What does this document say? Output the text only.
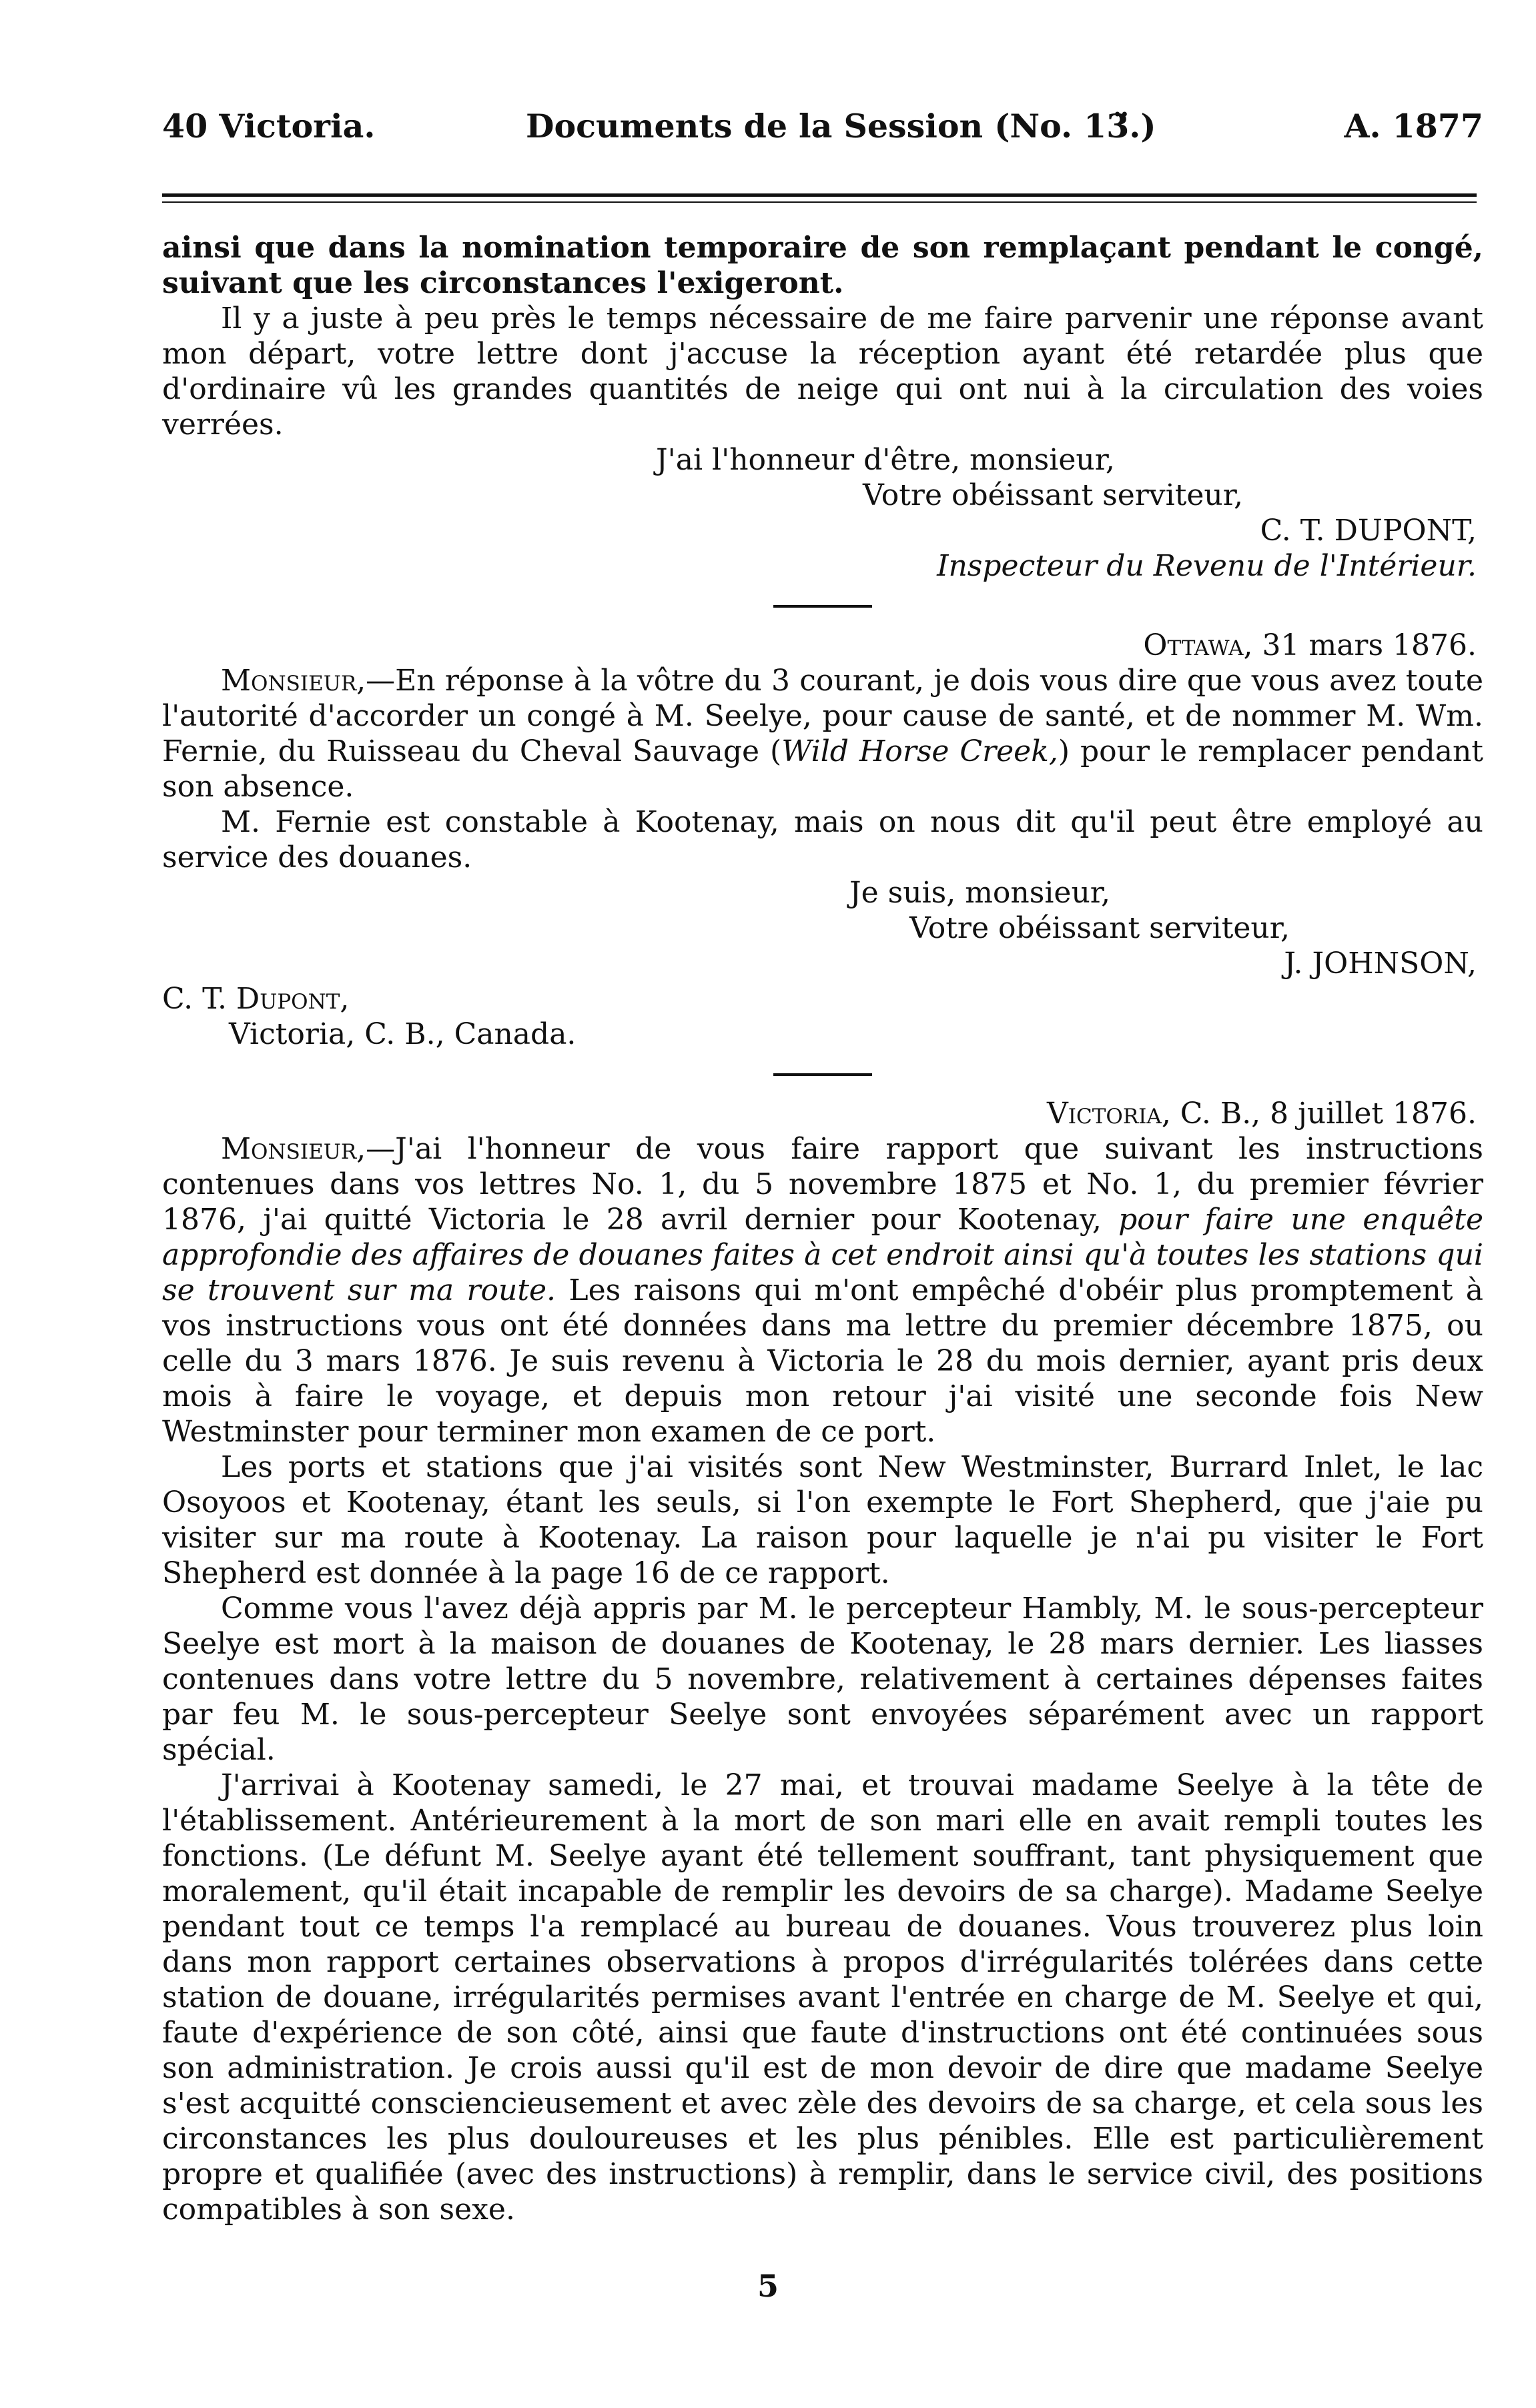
40 Victoria.	Documents de la Session (No. 13̈.)	A. 1877

ainsi que dans la nomination temporaire de son remplaçant pendant le congé, suivant que les circonstances l'exigeront.

Il y a juste à peu près le temps nécessaire de me faire parvenir une réponse avant mon départ, votre lettre dont j'accuse la réception ayant été retardée plus que d'ordinaire vû les grandes quantités de neige qui ont nui à la circulation des voies verrées.

J'ai l'honneur d'être, monsieur,

Votre obéissant serviteur,

C. T. DUPONT,

Inspecteur du Revenu de l'Intérieur.

Ottawa, 31 mars 1876.

Monsieur,—En réponse à la vôtre du 3 courant, je dois vous dire que vous avez toute l'autorité d'accorder un congé à M. Seelye, pour cause de santé, et de nommer M. Wm. Fernie, du Ruisseau du Cheval Sauvage (Wild Horse Creek,) pour le remplacer pendant son absence.

M. Fernie est constable à Kootenay, mais on nous dit qu'il peut être employé au service des douanes.

Je suis, monsieur,

Votre obéissant serviteur,

J. JOHNSON,

C. T. Dupont,

Victoria, C. B., Canada.

Victoria, C. B., 8 juillet 1876.

Monsieur,—J'ai l'honneur de vous faire rapport que suivant les instructions contenues dans vos lettres No. 1, du 5 novembre 1875 et No. 1, du premier février 1876, j'ai quitté Victoria le 28 avril dernier pour Kootenay, pour faire une enquête approfondie des affaires de douanes faites à cet endroit ainsi qu'à toutes les stations qui se trouvent sur ma route. Les raisons qui m'ont empêché d'obéir plus promptement à vos instructions vous ont été données dans ma lettre du premier décembre 1875, ou celle du 3 mars 1876. Je suis revenu à Victoria le 28 du mois dernier, ayant pris deux mois à faire le voyage, et depuis mon retour j'ai visité une seconde fois New Westminster pour terminer mon examen de ce port.

Les ports et stations que j'ai visités sont New Westminster, Burrard Inlet, le lac Osoyoos et Kootenay, étant les seuls, si l'on exempte le Fort Shepherd, que j'aie pu visiter sur ma route à Kootenay. La raison pour laquelle je n'ai pu visiter le Fort Shepherd est donnée à la page 16 de ce rapport.

Comme vous l'avez déjà appris par M. le percepteur Hambly, M. le sous-percepteur Seelye est mort à la maison de douanes de Kootenay, le 28 mars dernier. Les liasses contenues dans votre lettre du 5 novembre, relativement à certaines dépenses faites par feu M. le sous-percepteur Seelye sont envoyées séparément avec un rapport spécial.

J'arrivai à Kootenay samedi, le 27 mai, et trouvai madame Seelye à la tête de l'établissement. Antérieurement à la mort de son mari elle en avait rempli toutes les fonctions. (Le défunt M. Seelye ayant été tellement souffrant, tant physiquement que moralement, qu'il était incapable de remplir les devoirs de sa charge). Madame Seelye pendant tout ce temps l'a remplacé au bureau de douanes. Vous trouverez plus loin dans mon rapport certaines observations à propos d'irrégularités tolérées dans cette station de douane, irrégularités permises avant l'entrée en charge de M. Seelye et qui, faute d'expérience de son côté, ainsi que faute d'instructions ont été continuées sous son administration. Je crois aussi qu'il est de mon devoir de dire que madame Seelye s'est acquitté consciencieusement et avec zèle des devoirs de sa charge, et cela sous les circonstances les plus douloureuses et les plus pénibles. Elle est particulièrement propre et qualifiée (avec des instructions) à remplir, dans le service civil, des positions compatibles à son sexe.

5
